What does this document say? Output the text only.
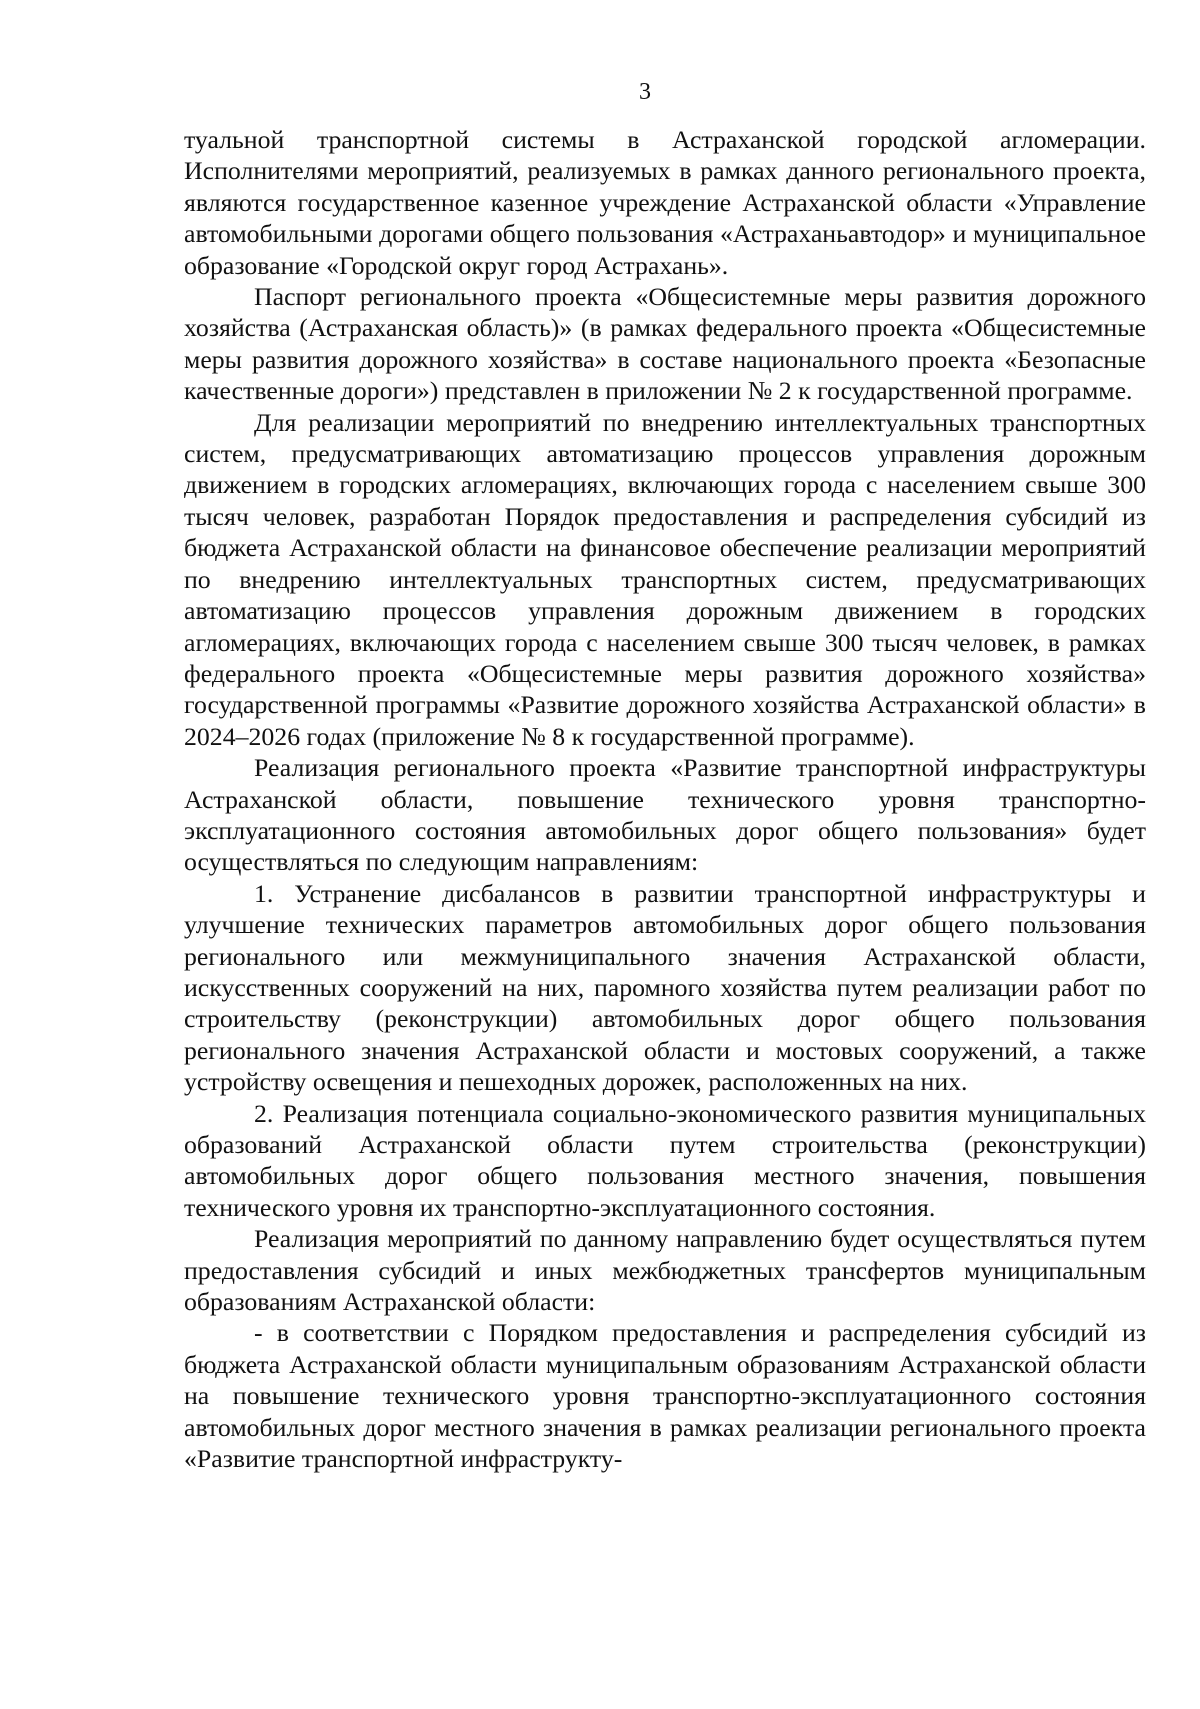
3

туальной транспортной системы в Астраханской городской агломерации. Исполнителями мероприятий, реализуемых в рамках данного регионального проекта, являются государственное казенное учреждение Астраханской области «Управление автомобильными дорогами общего пользования «Астраханьавтодор» и муниципальное образование «Городской округ город Астрахань».

Паспорт регионального проекта «Общесистемные меры развития дорожного хозяйства (Астраханская область)» (в рамках федерального проекта «Общесистемные меры развития дорожного хозяйства» в составе национального проекта «Безопасные качественные дороги») представлен в приложении № 2 к государственной программе.

Для реализации мероприятий по внедрению интеллектуальных транспортных систем, предусматривающих автоматизацию процессов управления дорожным движением в городских агломерациях, включающих города с населением свыше 300 тысяч человек, разработан Порядок предоставления и распределения субсидий из бюджета Астраханской области на финансовое обеспечение реализации мероприятий по внедрению интеллектуальных транспортных систем, предусматривающих автоматизацию процессов управления дорожным движением в городских агломерациях, включающих города с населением свыше 300 тысяч человек, в рамках федерального проекта «Общесистемные меры развития дорожного хозяйства» государственной программы «Развитие дорожного хозяйства Астраханской области» в 2024–2026 годах (приложение № 8 к государственной программе).

Реализация регионального проекта «Развитие транспортной инфраструктуры Астраханской области, повышение технического уровня транспортно-эксплуатационного состояния автомобильных дорог общего пользования» будет осуществляться по следующим направлениям:

1. Устранение дисбалансов в развитии транспортной инфраструктуры и улучшение технических параметров автомобильных дорог общего пользования регионального или межмуниципального значения Астраханской области, искусственных сооружений на них, паромного хозяйства путем реализации работ по строительству (реконструкции) автомобильных дорог общего пользования регионального значения Астраханской области и мостовых сооружений, а также устройству освещения и пешеходных дорожек, расположенных на них.

2. Реализация потенциала социально-экономического развития муниципальных образований Астраханской области путем строительства (реконструкции) автомобильных дорог общего пользования местного значения, повышения технического уровня их транспортно-эксплуатационного состояния.

Реализация мероприятий по данному направлению будет осуществляться путем предоставления субсидий и иных межбюджетных трансфертов муниципальным образованиям Астраханской области:

- в соответствии с Порядком предоставления и распределения субсидий из бюджета Астраханской области муниципальным образованиям Астраханской области на повышение технического уровня транспортно-эксплуатационного состояния автомобильных дорог местного значения в рамках реализации регионального проекта «Развитие транспортной инфраструкту-
